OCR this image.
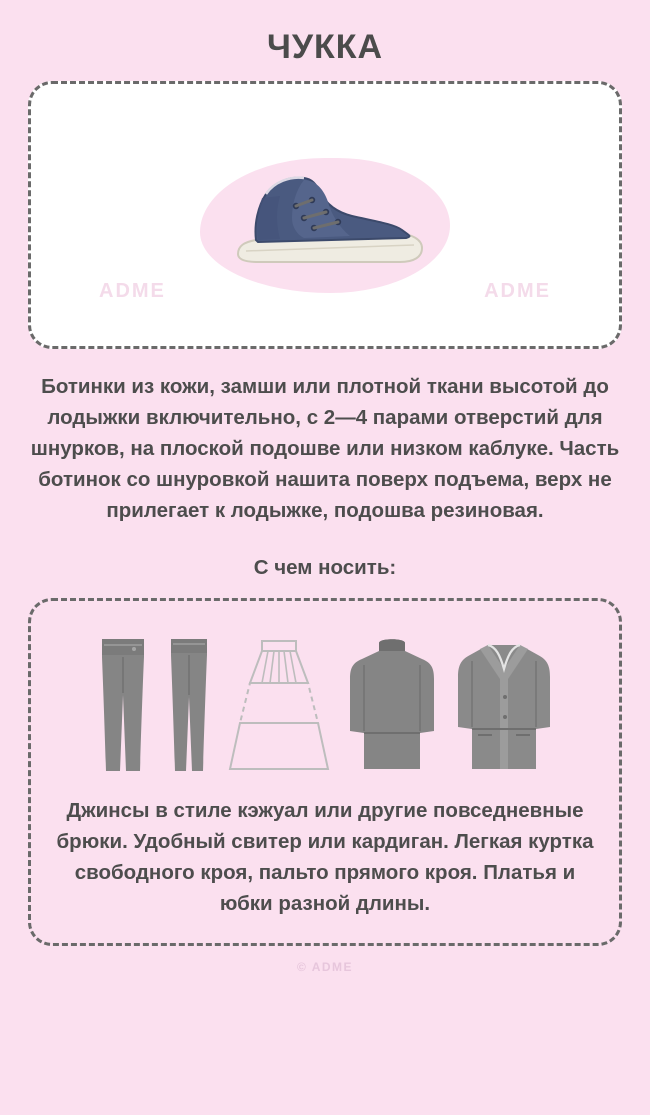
ЧУККА
ADME	ADME
Ботинки из кожи, замши или плотной ткани высотой до лодыжки включительно, с 2—4 парами отверстий для шнурков, на плоской подошве или низком каблуке. Часть ботинок со шнуровкой нашита поверх подъема, верх не прилегает к лодыжке, подошва резиновая.
С чем носить:
Джинсы в стиле кэжуал или другие повседневные брюки. Удобный свитер или кардиган. Легкая куртка свободного кроя, пальто прямого кроя. Платья и юбки разной длины.
© ADME
